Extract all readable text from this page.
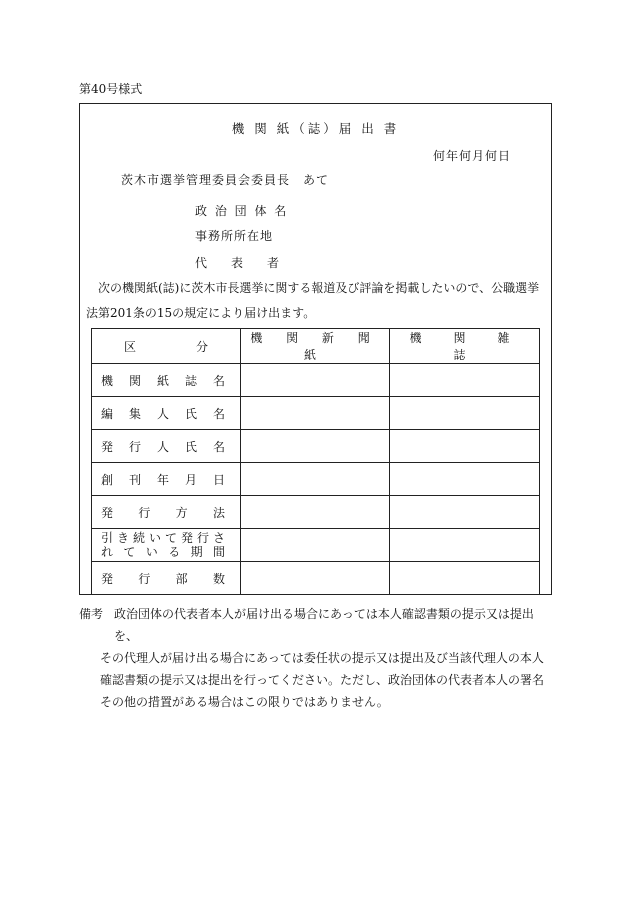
第40号様式
機 関 紙（誌）届 出 書
何年何月何日
茨木市選挙管理委員会委員長　あて
政 治 団 体 名
事務所所在地
代　　表　　者
次の機関紙(誌)に茨木市長選挙に関する報道及び評論を掲載したいので、公職選挙法第201条の15の規定により届け出ます。
区　　　　　分	機 関 新 聞 紙	機　関　雑　誌
機関紙誌名		
編集人氏名		
発行人氏名		
創刊年月日		
発行方法		

引き続いて発行さ
れている期間		

発行部数		
備考 政治団体の代表者本人が届け出る場合にあっては本人確認書類の提示又は提出を、
その代理人が届け出る場合にあっては委任状の提示又は提出及び当該代理人の本人確認書類の提示又は提出を行ってください。ただし、政治団体の代表者本人の署名その他の措置がある場合はこの限りではありません。
